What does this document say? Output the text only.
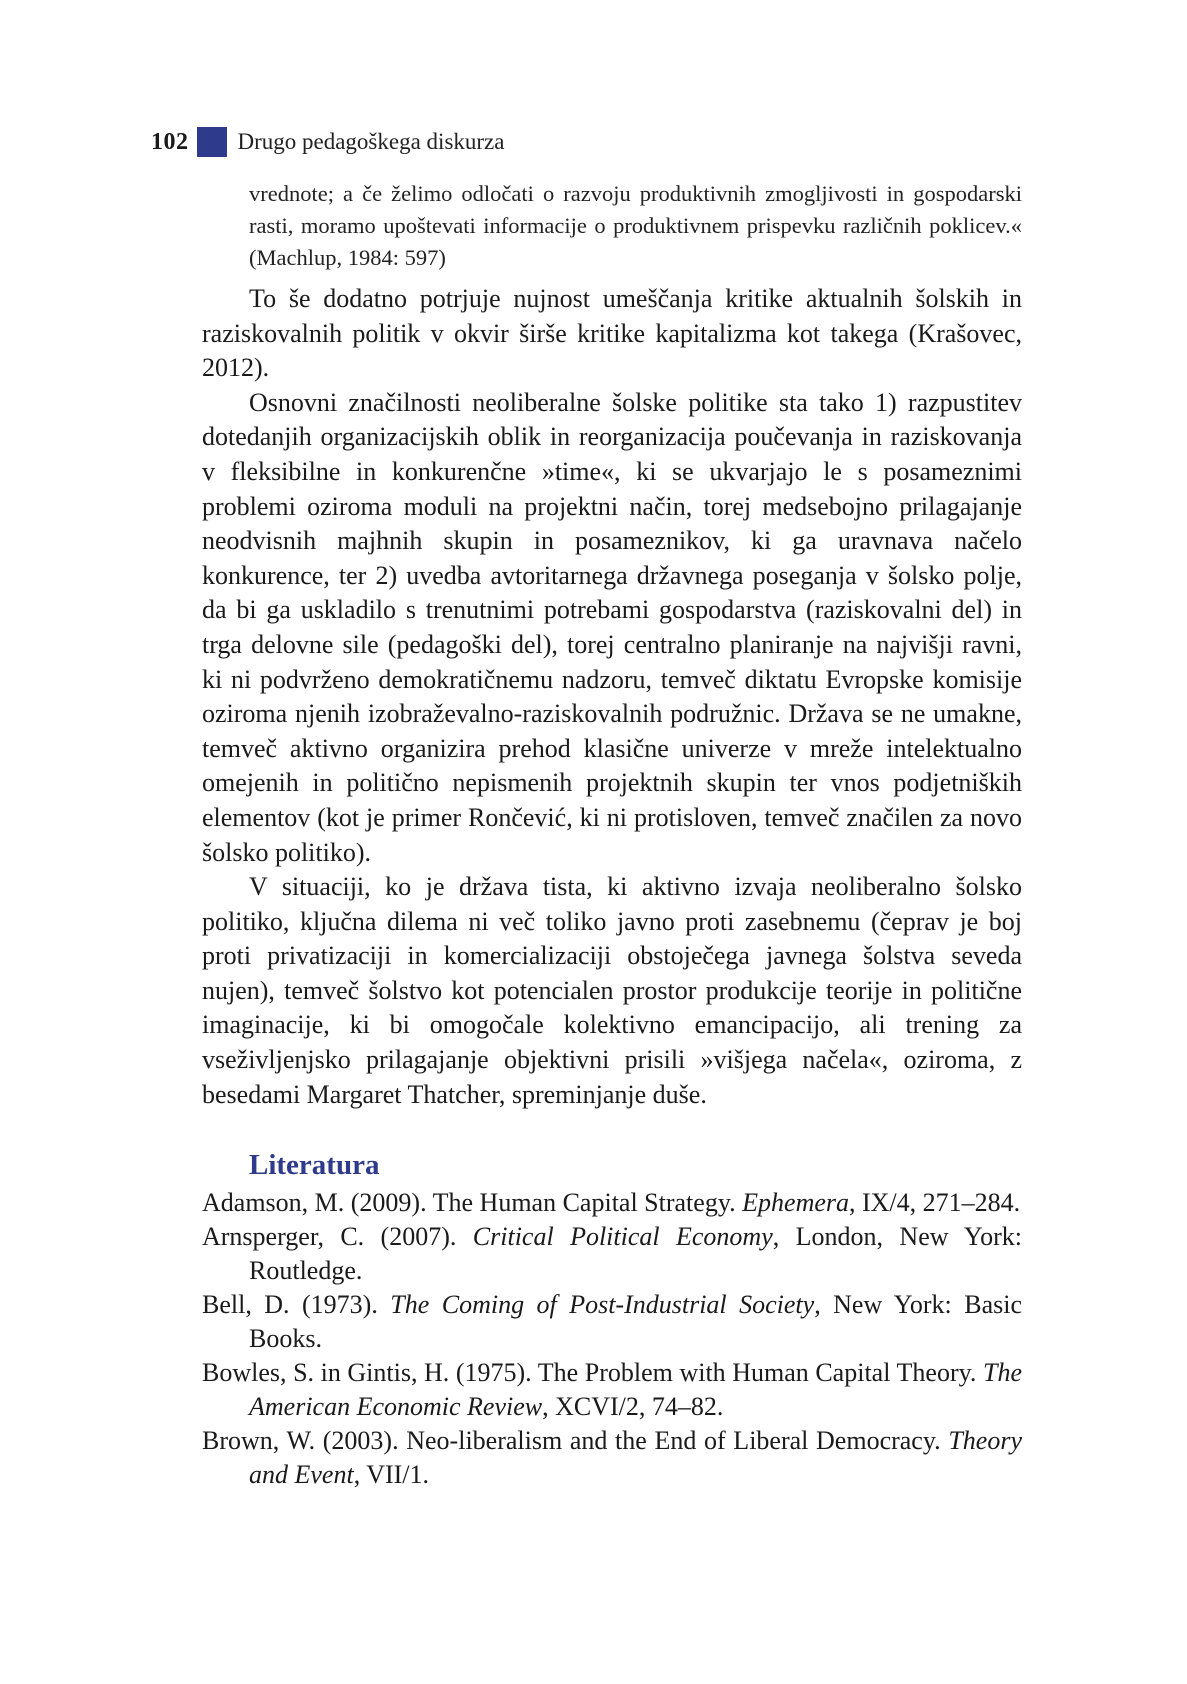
102 Drugo pedagoškega diskurza

vrednote; a če želimo odločati o razvoju produktivnih zmogljivosti in gospodarski rasti, moramo upoštevati informacije o produktivnem prispevku različnih poklicev.« (Machlup, 1984: 597)

To še dodatno potrjuje nujnost umeščanja kritike aktualnih šolskih in raziskovalnih politik v okvir širše kritike kapitalizma kot takega (Krašovec, 2012).

Osnovni značilnosti neoliberalne šolske politike sta tako 1) razpustitev dotedanjih organizacijskih oblik in reorganizacija poučevanja in raziskovanja v fleksibilne in konkurenčne »time«, ki se ukvarjajo le s posameznimi problemi oziroma moduli na projektni način, torej medsebojno prilagajanje neodvisnih majhnih skupin in posameznikov, ki ga uravnava načelo konkurence, ter 2) uvedba avtoritarnega državnega poseganja v šolsko polje, da bi ga uskladilo s trenutnimi potrebami gospodarstva (raziskovalni del) in trga delovne sile (pedagoški del), torej centralno planiranje na najvišji ravni, ki ni podvrženo demokratičnemu nadzoru, temveč diktatu Evropske komisije oziroma njenih izobraževalno-raziskovalnih podružnic. Država se ne umakne, temveč aktivno organizira prehod klasične univerze v mreže intelektualno omejenih in politično nepismenih projektnih skupin ter vnos podjetniških elementov (kot je primer Rončević, ki ni protisloven, temveč značilen za novo šolsko politiko).

V situaciji, ko je država tista, ki aktivno izvaja neoliberalno šolsko politiko, ključna dilema ni več toliko javno proti zasebnemu (čeprav je boj proti privatizaciji in komercializaciji obstoječega javnega šolstva seveda nujen), temveč šolstvo kot potencialen prostor produkcije teorije in politične imaginacije, ki bi omogočale kolektivno emancipacijo, ali trening za vseživljenjsko prilagajanje objektivni prisili »višjega načela«, oziroma, z besedami Margaret Thatcher, spreminjanje duše.

Literatura

Adamson, M. (2009). The Human Capital Strategy. Ephemera, IX/4, 271–284.

Arnsperger, C. (2007). Critical Political Economy, London, New York: Routledge.

Bell, D. (1973). The Coming of Post-Industrial Society, New York: Basic Books.

Bowles, S. in Gintis, H. (1975). The Problem with Human Capital Theory. The American Economic Review, XCVI/2, 74–82.

Brown, W. (2003). Neo-liberalism and the End of Liberal Democracy. Theory and Event, VII/1.
